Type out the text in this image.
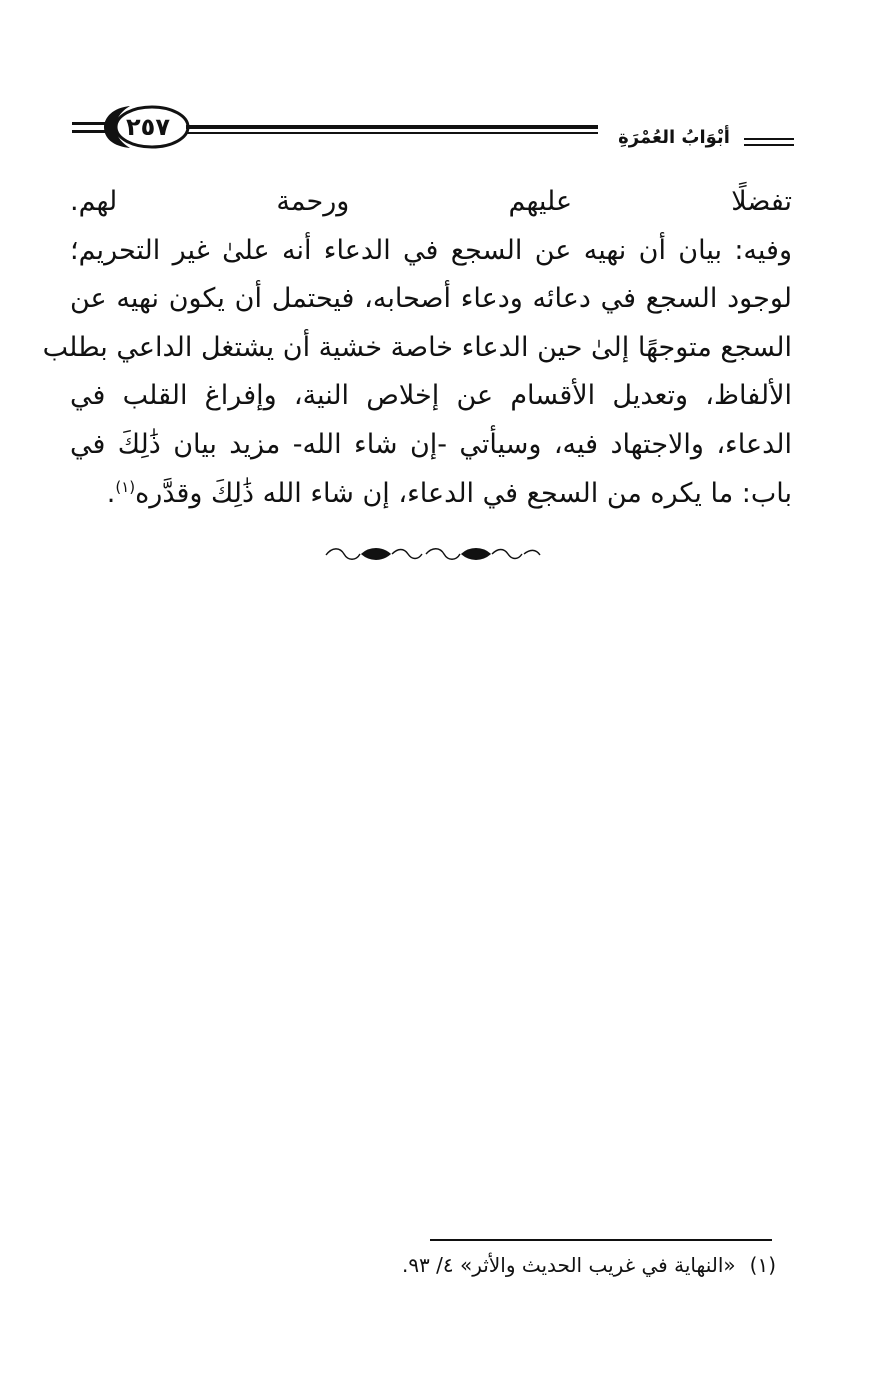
٢٥٧	أبْوَابُ العُمْرَةِ
تفضلًا عليهم ورحمة لهم.
وفيه: بيان أن نهيه عن السجع في الدعاء أنه علىٰ غير التحريم؛
لوجود السجع في دعائه ودعاء أصحابه، فيحتمل أن يكون نهيه عن
السجع متوجهًا إلىٰ حين الدعاء خاصة خشية أن يشتغل الداعي بطلب
الألفاظ، وتعديل الأقسام عن إخلاص النية، وإفراغ القلب في
الدعاء، والاجتهاد فيه، وسيأتي -إن شاء الله- مزيد بيان ذَٰلِكَ في
باب: ما يكره من السجع في الدعاء، إن شاء الله ذَٰلِكَ وقدَّره$^{(١)}$.
(١)«النهاية في غريب الحديث والأثر» ٤/ ٩٣.
